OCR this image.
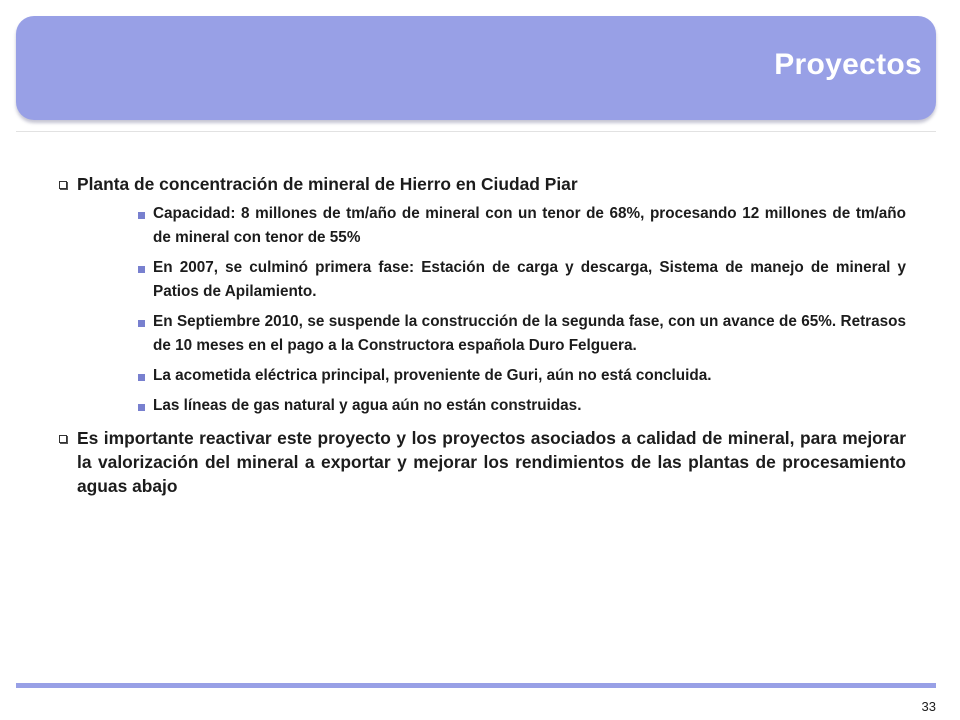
Proyectos
Planta de concentración de mineral de Hierro en Ciudad Piar
Capacidad: 8 millones de tm/año de mineral con un tenor de 68%, procesando 12 millones de tm/año de mineral con tenor de 55%
En 2007, se culminó primera fase: Estación de carga y descarga, Sistema de manejo de mineral y Patios de Apilamiento.
En Septiembre 2010, se suspende la construcción de la segunda fase, con un avance de 65%. Retrasos de 10 meses en el pago a la Constructora española Duro Felguera.
La acometida eléctrica principal, proveniente de Guri, aún no está concluida.
Las líneas de gas natural y agua aún no están construidas.
Es importante reactivar este proyecto y los proyectos asociados a calidad de mineral, para mejorar la valorización del mineral a exportar y mejorar los rendimientos de las plantas de procesamiento aguas abajo
33
